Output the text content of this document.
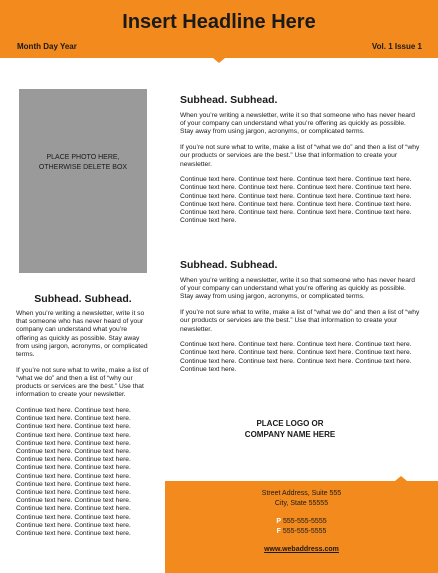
Insert Headline Here
Month Day Year	Vol. 1 Issue 1
PLACE PHOTO HERE,
OTHERWISE DELETE BOX
Subhead. Subhead.

When you’re writing a newsletter, write it so that someone who has never heard of your company can understand what you’re offering as quickly as possible. Stay away from using jargon, acronyms, or complicated terms.

If you’re not sure what to write, make a list of “what we do” and then a list of “why our products or services are the best.” Use that information to create your newsletter.

Continue text here. Continue text here. Continue text here. Continue text here. Continue text here. Continue text here. Continue text here. Continue text here. Continue text here. Continue text here. Continue text here. Continue text here. Continue text here. Continue text here. Continue text here. Continue text here. Continue text here. Continue text here. Continue text here. Continue text here. Continue text here. Continue text here. Continue text here. Continue text here. Continue text here. Continue text here. Continue text here. Continue text here. Continue text here. Continue text here. Continue text here. Continue text here.

Subhead. Subhead.

When you’re writing a newsletter, write it so that someone who has never heard of your company can understand what you’re offering as quickly as possible. Stay away from using jargon, acronyms, or complicated terms.

If you’re not sure what to write, make a list of “what we do” and then a list of “why our products or services are the best.” Use that information to create your newsletter.

Continue text here. Continue text here. Continue text here. Continue text here. Continue text here. Continue text here. Continue text here. Continue text here. Continue text here. Continue text here. Continue text here. Continue text here. Continue text here. Continue text here. Continue text here. Continue text here. Continue text here. Continue text here. Continue text here. Continue text here. Continue text here.

Subhead. Subhead.

When you’re writing a newsletter, write it so that someone who has never heard of your company can understand what you’re offering as quickly as possible. Stay away from using jargon, acronyms, or complicated terms.

If you’re not sure what to write, make a list of “what we do” and then a list of “why our products or services are the best.” Use that information to create your newsletter.

Continue text here. Continue text here. Continue text here. Continue text here. Continue text here. Continue text here. Continue text here. Continue text here. Continue text here. Continue text here. Continue text here. Continue text here. Continue text here.

PLACE LOGO OR
COMPANY NAME HERE
Street Address, Suite 555
City, State 55555
P 555-555-5555
F 555-555-5555
www.webaddress.com
